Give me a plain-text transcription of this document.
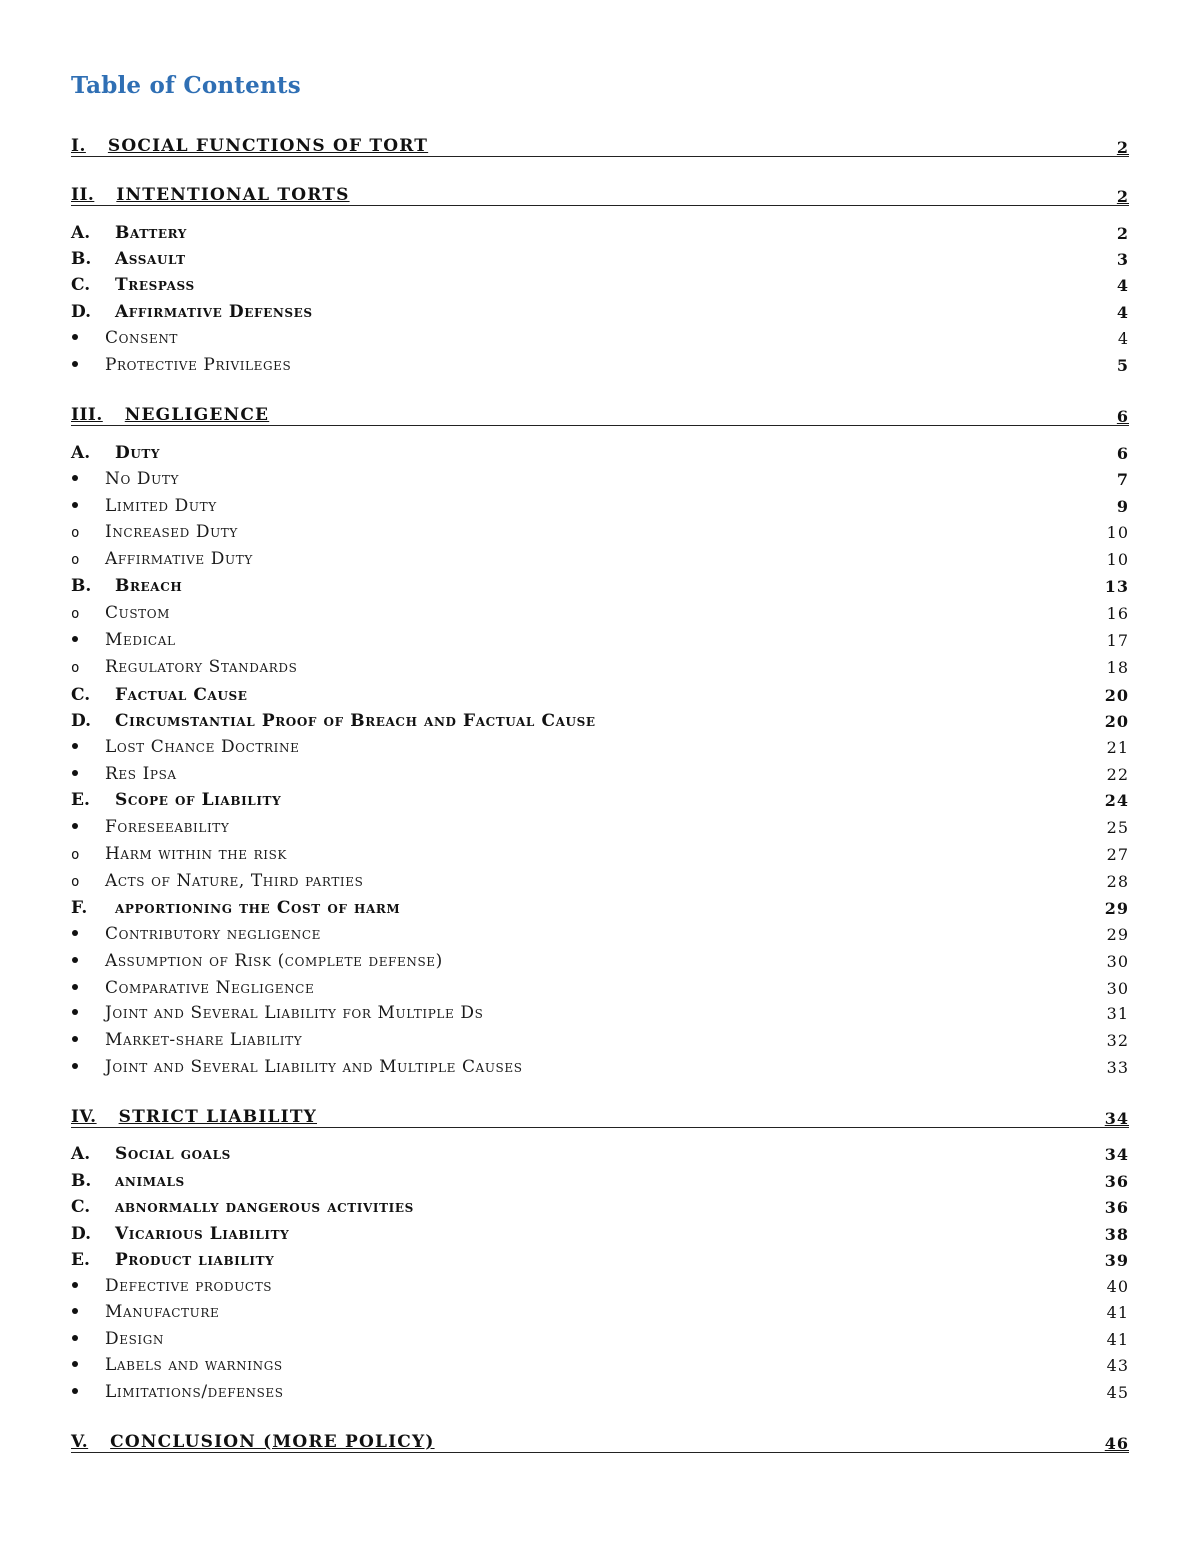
Table of Contents
I. SOCIAL FUNCTIONS OF TORT	2
II. INTENTIONAL TORTS	2
A.	Battery	2
B.	Assault	3
C.	Trespass	4
D.	Affirmative Defenses	4
Consent	4
Protective Privileges	5
III. NEGLIGENCE	6
A.	Duty	6
No Duty	7
Limited Duty	9
o	Increased Duty	10
o	Affirmative Duty	10
B.	Breach	13
o	Custom	16
Medical	17
o	Regulatory Standards	18
C.	Factual Cause	20
D.	Circumstantial Proof of Breach and Factual Cause	20
Lost Chance Doctrine	21
Res Ipsa	22
E.	Scope of Liability	24
Foreseeability	25
o	Harm within the risk	27
o	Acts of Nature, Third parties	28
F.	apportioning the Cost of harm	29
Contributory negligence	29
Assumption of Risk (complete defense)	30
Comparative Negligence	30
Joint and Several Liability for Multiple Ds	31
Market-share Liability	32
Joint and Several Liability and Multiple Causes	33
IV. STRICT LIABILITY	34
A.	Social goals	34
B.	animals	36
C.	abnormally dangerous activities	36
D.	Vicarious Liability	38
E.	Product liability	39
Defective products	40
Manufacture	41
Design	41
Labels and warnings	43
Limitations/defenses	45
V. CONCLUSION (MORE POLICY)	46
